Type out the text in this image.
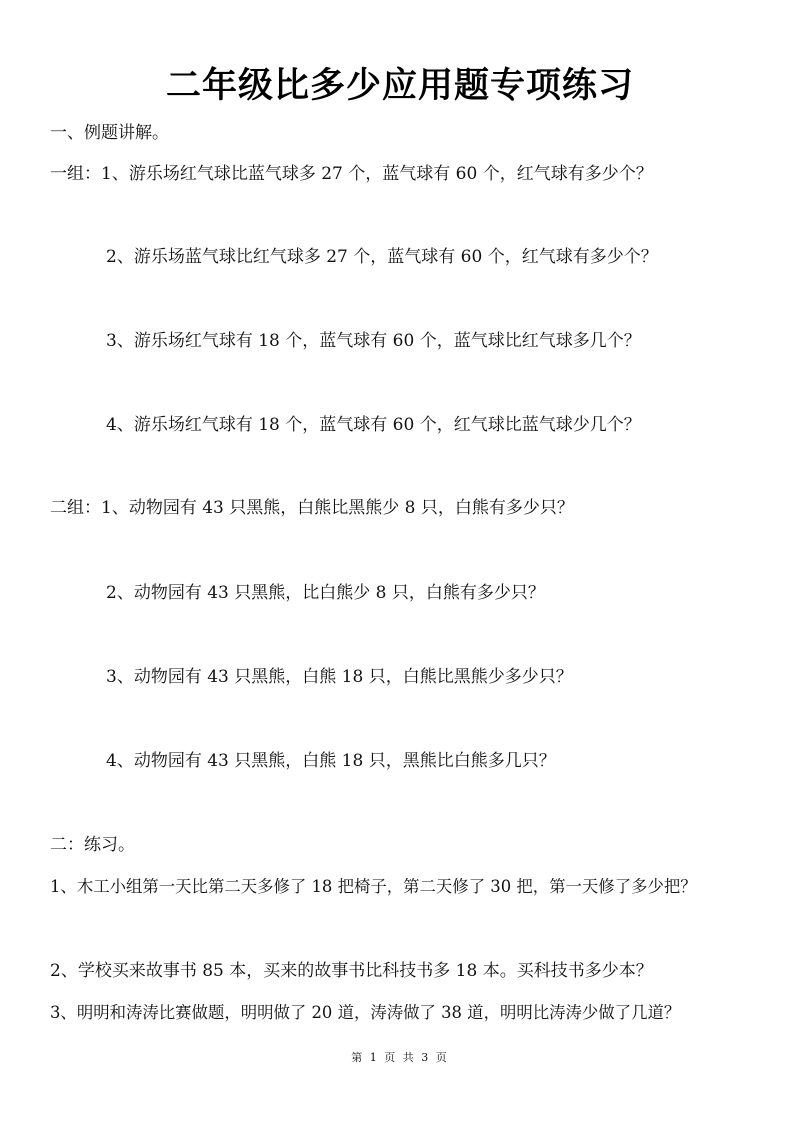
二年级比多少应用题专项练习
一、例题讲解。
一组：1、游乐场红气球比蓝气球多 27 个，蓝气球有 60 个，红气球有多少个？
2、游乐场蓝气球比红气球多 27 个，蓝气球有 60 个，红气球有多少个？
3、游乐场红气球有 18 个，蓝气球有 60 个，蓝气球比红气球多几个？
4、游乐场红气球有 18 个，蓝气球有 60 个，红气球比蓝气球少几个？
二组：1、动物园有 43 只黑熊，白熊比黑熊少 8 只，白熊有多少只？
2、动物园有 43 只黑熊，比白熊少 8 只，白熊有多少只？
3、动物园有 43 只黑熊，白熊 18 只，白熊比黑熊少多少只？
4、动物园有 43 只黑熊，白熊 18 只，黑熊比白熊多几只？
二：练习。
1、木工小组第一天比第二天多修了 18 把椅子，第二天修了 30 把，第一天修了多少把？
2、学校买来故事书 85 本，买来的故事书比科技书多 18 本。买科技书多少本？
3、明明和涛涛比赛做题，明明做了 20 道，涛涛做了 38 道，明明比涛涛少做了几道？
第 1 页 共 3 页
